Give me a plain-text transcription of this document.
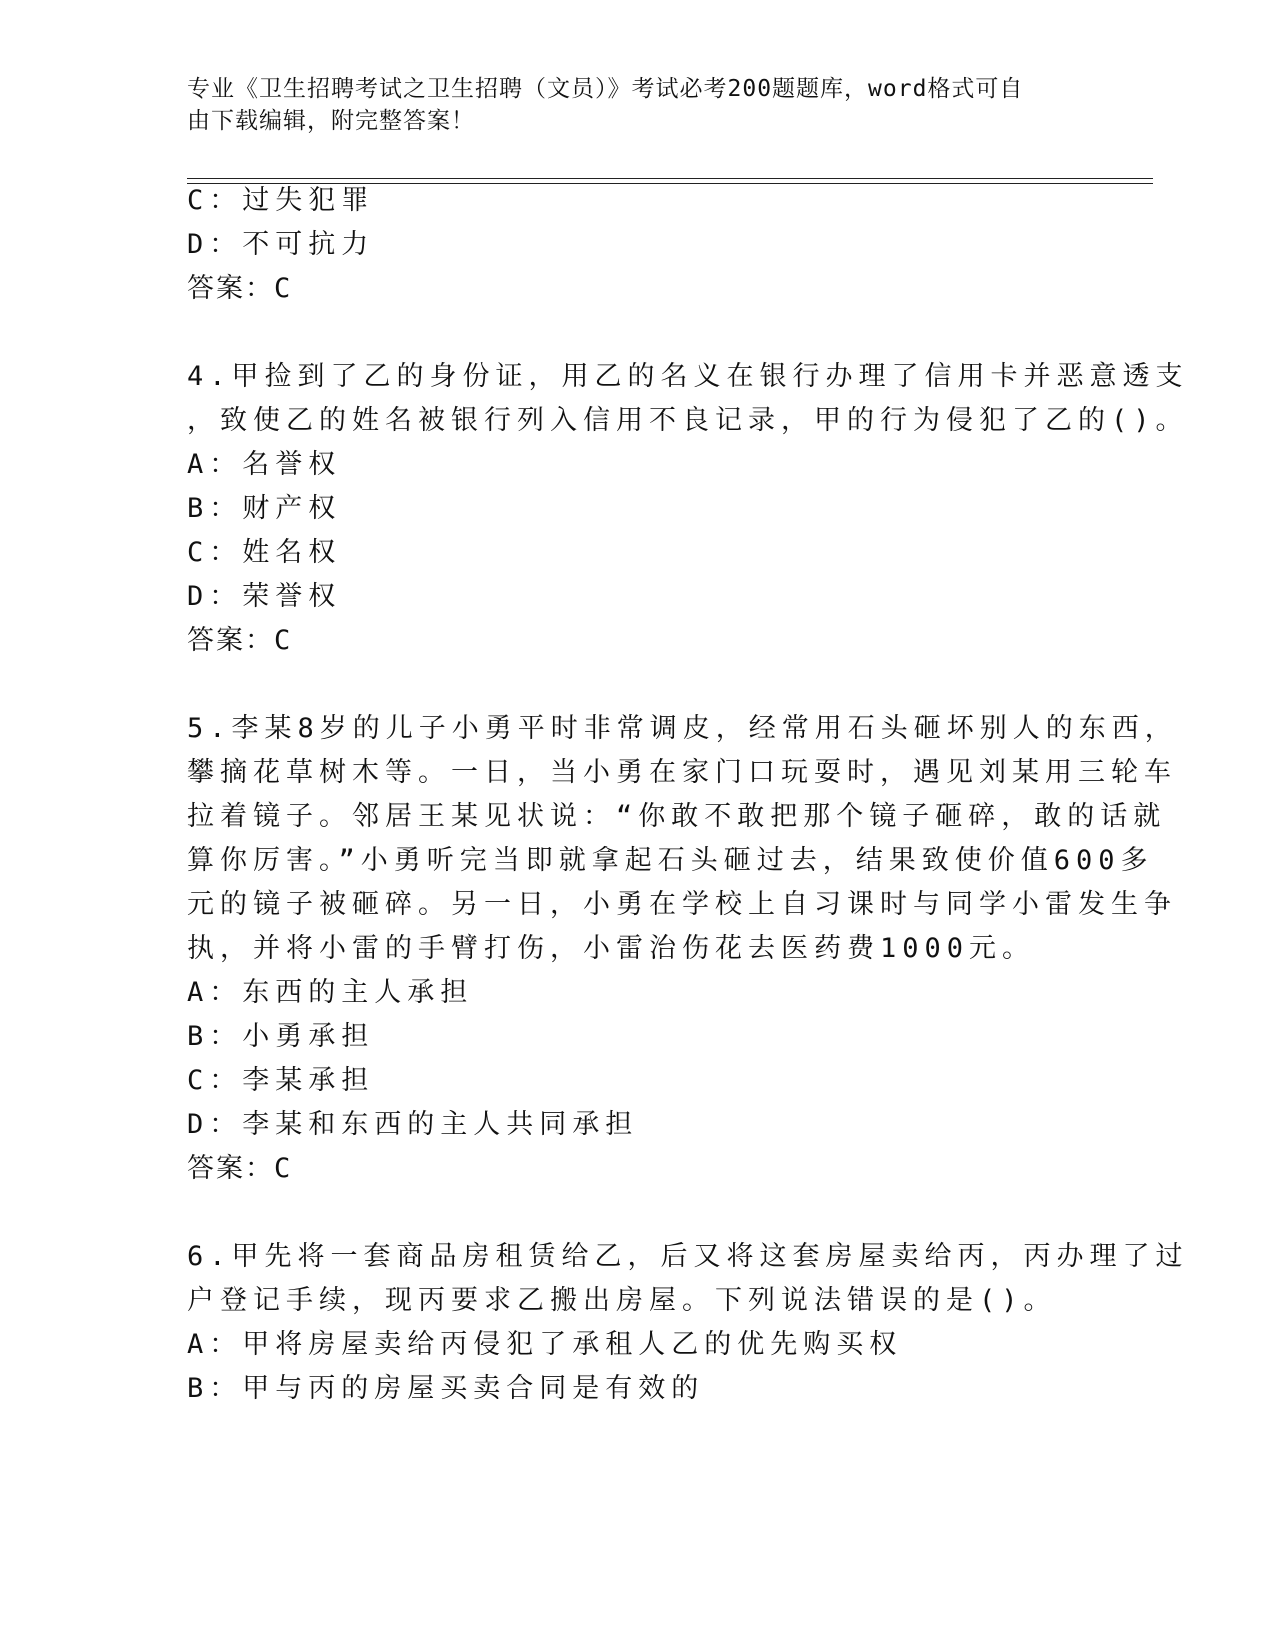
专业《卫生招聘考试之卫生招聘（文员）》考试必考200题题库，word格式可自
由下载编辑，附完整答案！
C：过失犯罪
D：不可抗力
答案：C
4.甲捡到了乙的身份证，用乙的名义在银行办理了信用卡并恶意透支
，致使乙的姓名被银行列入信用不良记录，甲的行为侵犯了乙的()。
A：名誉权
B：财产权
C：姓名权
D：荣誉权
答案：C
5.李某8岁的儿子小勇平时非常调皮，经常用石头砸坏别人的东西，
攀摘花草树木等。一日，当小勇在家门口玩耍时，遇见刘某用三轮车
拉着镜子。邻居王某见状说：“你敢不敢把那个镜子砸碎，敢的话就
算你厉害。”小勇听完当即就拿起石头砸过去，结果致使价值600多
元的镜子被砸碎。另一日，小勇在学校上自习课时与同学小雷发生争
执，并将小雷的手臂打伤，小雷治伤花去医药费1000元。
A：东西的主人承担
B：小勇承担
C：李某承担
D：李某和东西的主人共同承担
答案：C
6.甲先将一套商品房租赁给乙，后又将这套房屋卖给丙，丙办理了过
户登记手续，现丙要求乙搬出房屋。下列说法错误的是()。
A：甲将房屋卖给丙侵犯了承租人乙的优先购买权
B：甲与丙的房屋买卖合同是有效的
